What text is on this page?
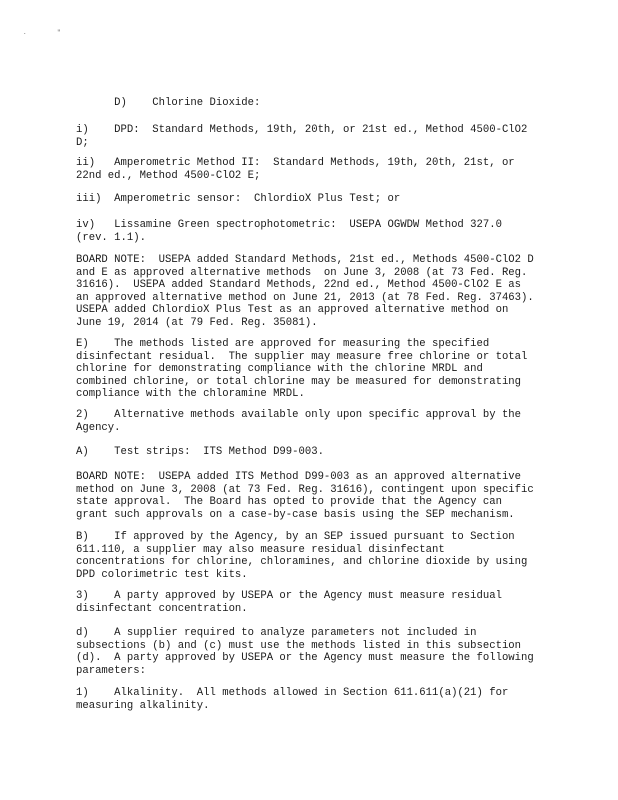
.	"
D)    Chlorine Dioxide:
i)    DPD:  Standard Methods, 19th, 20th, or 21st ed., Method 4500-ClO2
D;
ii)   Amperometric Method II:  Standard Methods, 19th, 20th, 21st, or
22nd ed., Method 4500-ClO2 E;
iii)  Amperometric sensor:  ChlordioX Plus Test; or
iv)   Lissamine Green spectrophotometric:  USEPA OGWDW Method 327.0
(rev. 1.1).
BOARD NOTE:  USEPA added Standard Methods, 21st ed., Methods 4500-ClO2 D
and E as approved alternative methods  on June 3, 2008 (at 73 Fed. Reg.
31616).  USEPA added Standard Methods, 22nd ed., Method 4500-ClO2 E as
an approved alternative method on June 21, 2013 (at 78 Fed. Reg. 37463).
USEPA added ChlordioX Plus Test as an approved alternative method on
June 19, 2014 (at 79 Fed. Reg. 35081).
E)    The methods listed are approved for measuring the specified
disinfectant residual.  The supplier may measure free chlorine or total
chlorine for demonstrating compliance with the chlorine MRDL and
combined chlorine, or total chlorine may be measured for demonstrating
compliance with the chloramine MRDL.
2)    Alternative methods available only upon specific approval by the
Agency.
A)    Test strips:  ITS Method D99-003.
BOARD NOTE:  USEPA added ITS Method D99-003 as an approved alternative
method on June 3, 2008 (at 73 Fed. Reg. 31616), contingent upon specific
state approval.  The Board has opted to provide that the Agency can
grant such approvals on a case-by-case basis using the SEP mechanism.
B)    If approved by the Agency, by an SEP issued pursuant to Section
611.110, a supplier may also measure residual disinfectant
concentrations for chlorine, chloramines, and chlorine dioxide by using
DPD colorimetric test kits.
3)    A party approved by USEPA or the Agency must measure residual
disinfectant concentration.
d)    A supplier required to analyze parameters not included in
subsections (b) and (c) must use the methods listed in this subsection
(d).  A party approved by USEPA or the Agency must measure the following
parameters:
1)    Alkalinity.  All methods allowed in Section 611.611(a)(21) for
measuring alkalinity.
